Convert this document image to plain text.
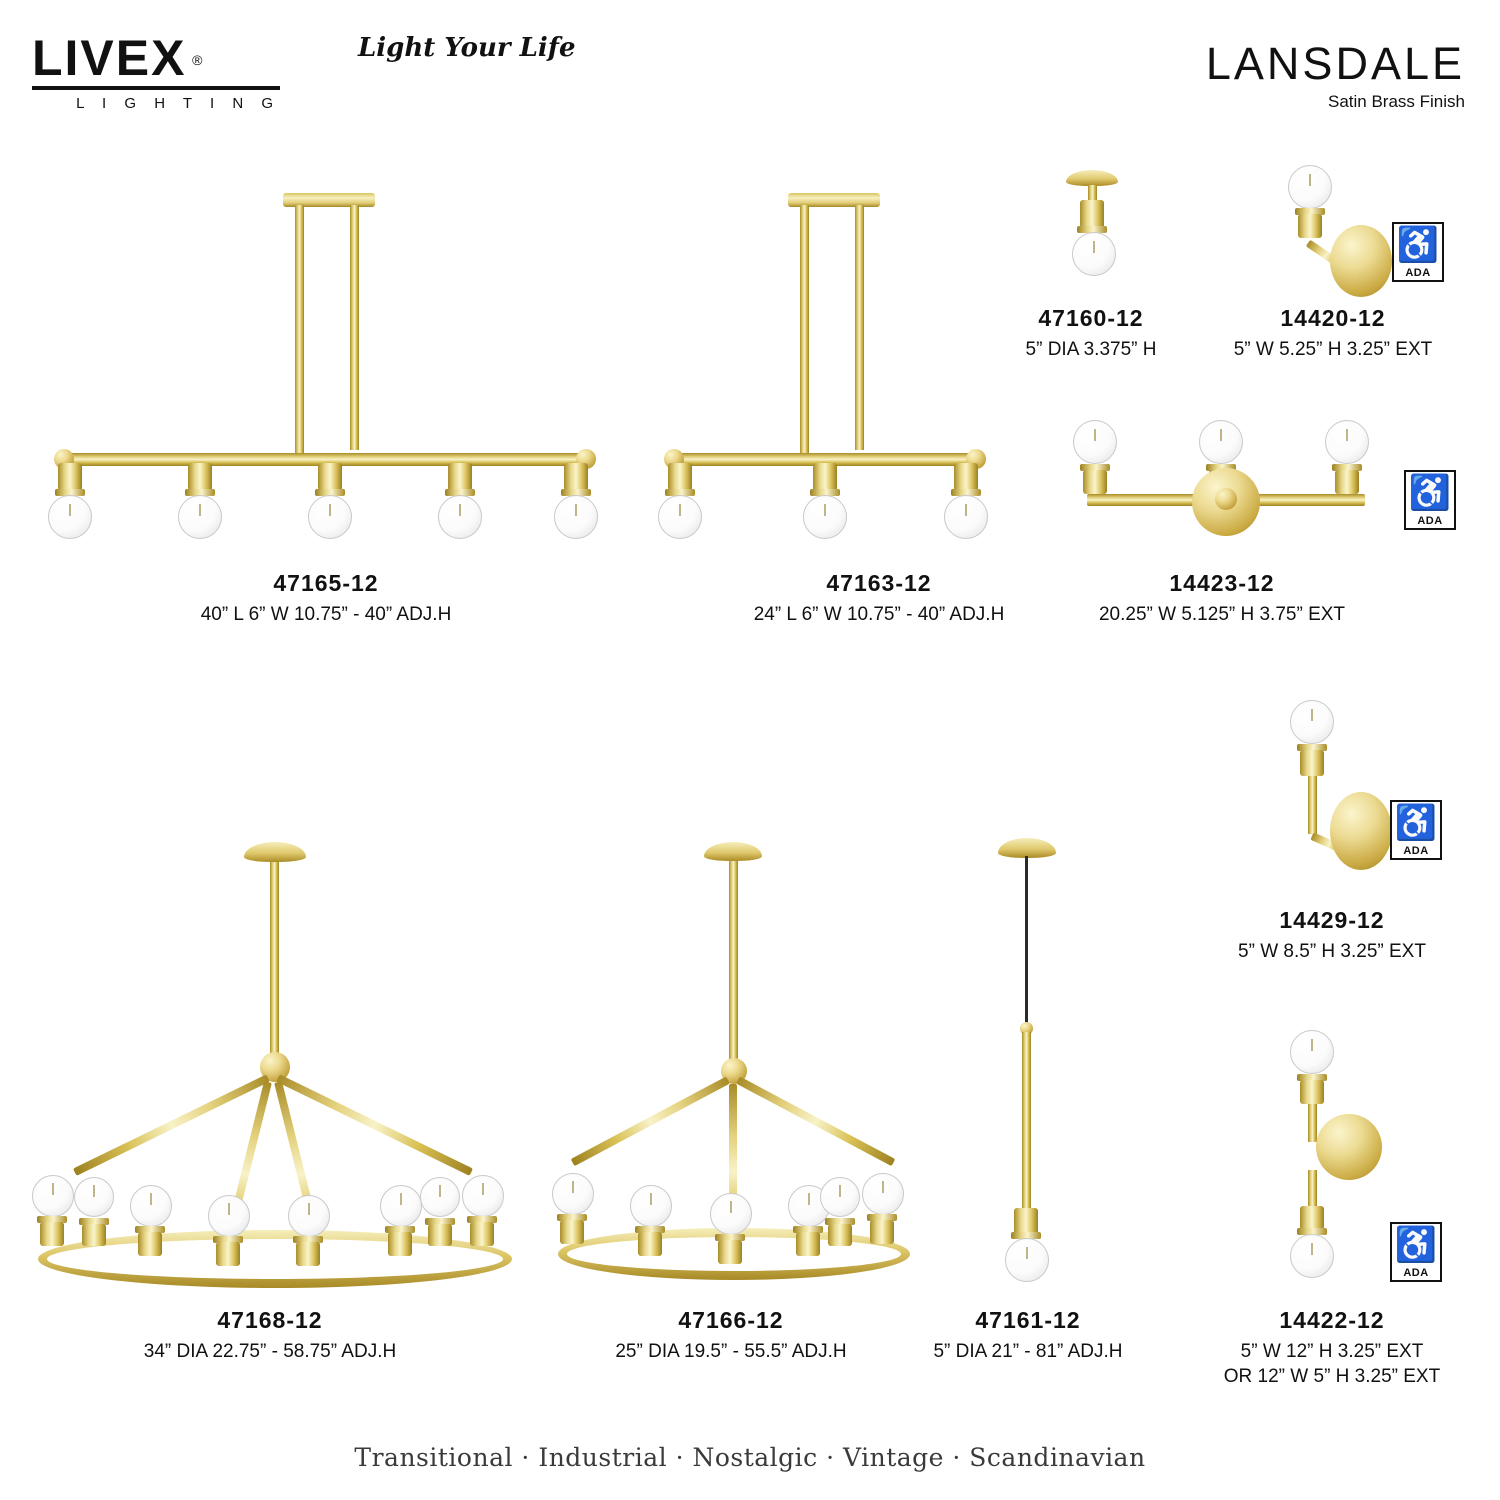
LIVEX ®
L I G H T I N G
Light Your Life	LANSDALE
Satin Brass Finish
47160-12
5” DIA 3.375” H
♿
ADA
14420-12
5” W 5.25” H 3.25” EXT
47165-12
40” L 6” W 10.75” - 40” ADJ.H
47163-12
24” L 6” W 10.75” - 40” ADJ.H
♿
ADA
14423-12
20.25” W 5.125” H 3.75” EXT
♿
ADA
14429-12
5” W 8.5” H 3.25” EXT
47168-12
34” DIA 22.75” - 58.75” ADJ.H
47166-12
25” DIA 19.5” - 55.5” ADJ.H
47161-12
5” DIA 21” - 81” ADJ.H
♿
ADA
14422-12
5” W 12” H 3.25” EXT
OR 12” W 5” H 3.25” EXT
Transitional · Industrial · Nostalgic · Vintage · Scandinavian
